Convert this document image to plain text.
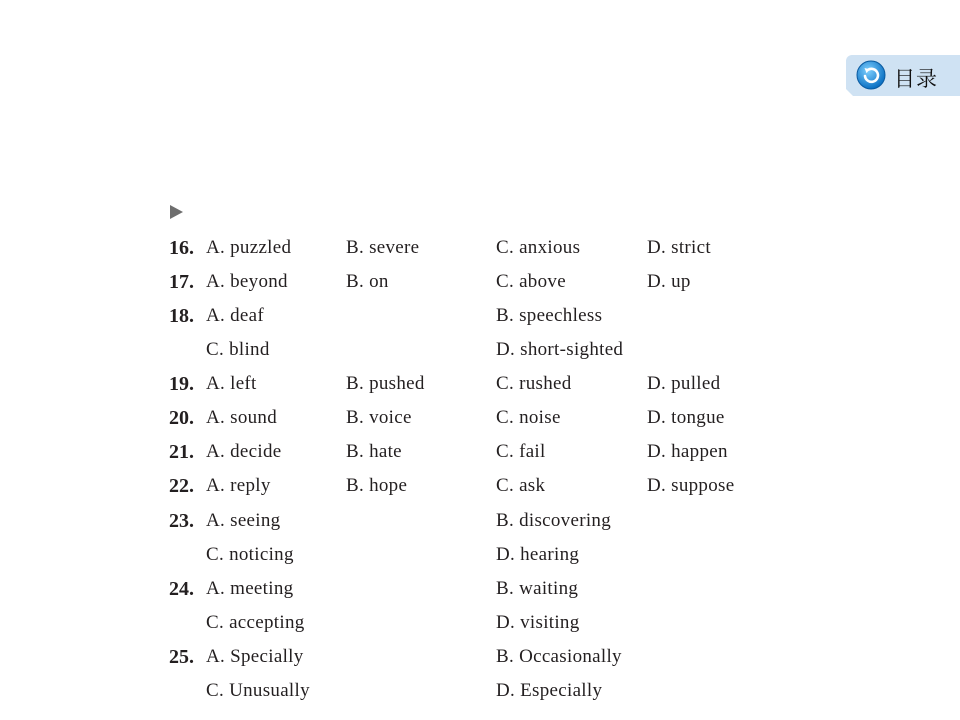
目录
16. A. puzzled	B. severe	C. anxious	D. strict
17. A. beyond	B. on	C. above	D. up
18. A. deaf	B. speechless
C. blind	D. short-sighted
19. A. left	B. pushed	C. rushed	D. pulled
20. A. sound	B. voice	C. noise	D. tongue
21. A. decide	B. hate	C. fail	D. happen
22. A. reply	B. hope	C. ask	D. suppose
23. A. seeing	B. discovering
C. noticing	D. hearing
24. A. meeting	B. waiting
C. accepting	D. visiting
25. A. Specially	B. Occasionally
C. Unusually	D. Especially
